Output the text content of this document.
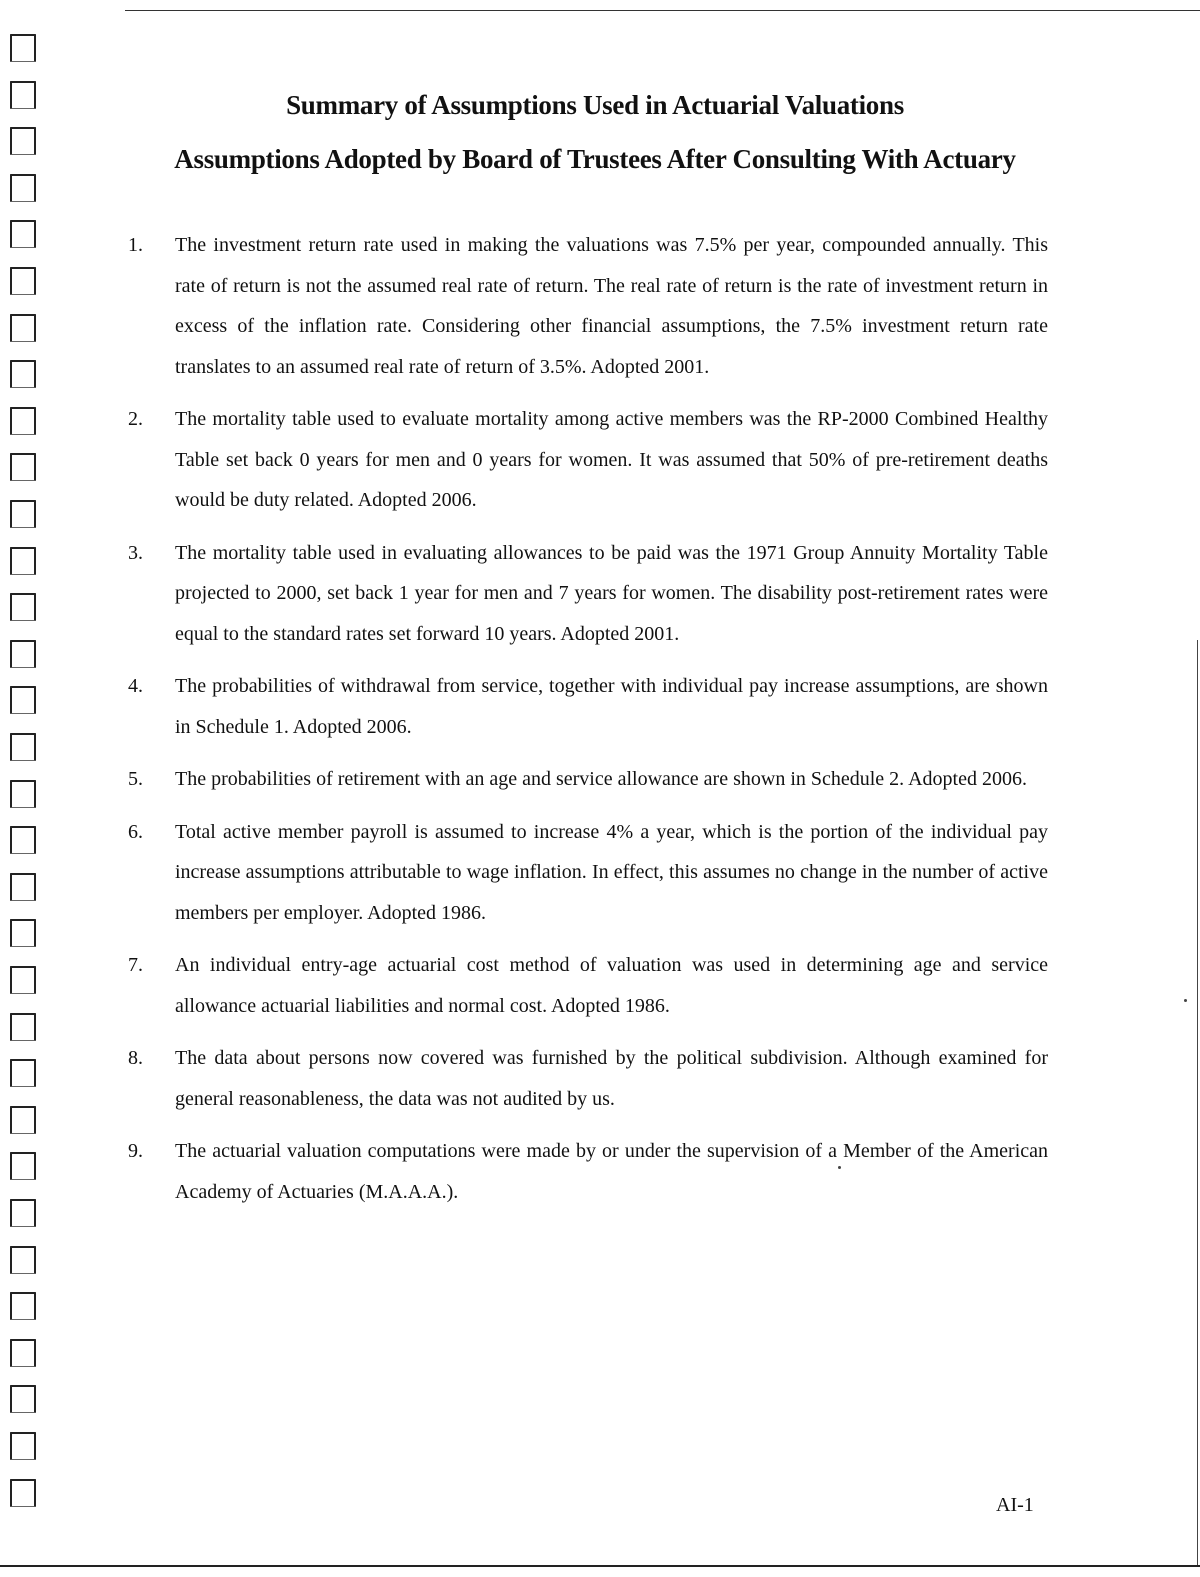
Summary of Assumptions Used in Actuarial Valuations
Assumptions Adopted by Board of Trustees After Consulting With Actuary
1. The investment return rate used in making the valuations was 7.5% per year, compounded annually. This rate of return is not the assumed real rate of return. The real rate of return is the rate of investment return in excess of the inflation rate. Considering other financial assumptions, the 7.5% investment return rate translates to an assumed real rate of return of 3.5%. Adopted 2001.
2. The mortality table used to evaluate mortality among active members was the RP-2000 Combined Healthy Table set back 0 years for men and 0 years for women. It was assumed that 50% of pre-retirement deaths would be duty related. Adopted 2006.
3. The mortality table used in evaluating allowances to be paid was the 1971 Group Annuity Mortality Table projected to 2000, set back 1 year for men and 7 years for women. The disability post-retirement rates were equal to the standard rates set forward 10 years. Adopted 2001.
4. The probabilities of withdrawal from service, together with individual pay increase assumptions, are shown in Schedule 1. Adopted 2006.
5. The probabilities of retirement with an age and service allowance are shown in Schedule 2. Adopted 2006.
6. Total active member payroll is assumed to increase 4% a year, which is the portion of the individual pay increase assumptions attributable to wage inflation. In effect, this assumes no change in the number of active members per employer. Adopted 1986.
7. An individual entry-age actuarial cost method of valuation was used in determining age and service allowance actuarial liabilities and normal cost. Adopted 1986.
8. The data about persons now covered was furnished by the political subdivision. Although examined for general reasonableness, the data was not audited by us.
9. The actuarial valuation computations were made by or under the supervision of a Member of the American Academy of Actuaries (M.A.A.A.).
AI-1
